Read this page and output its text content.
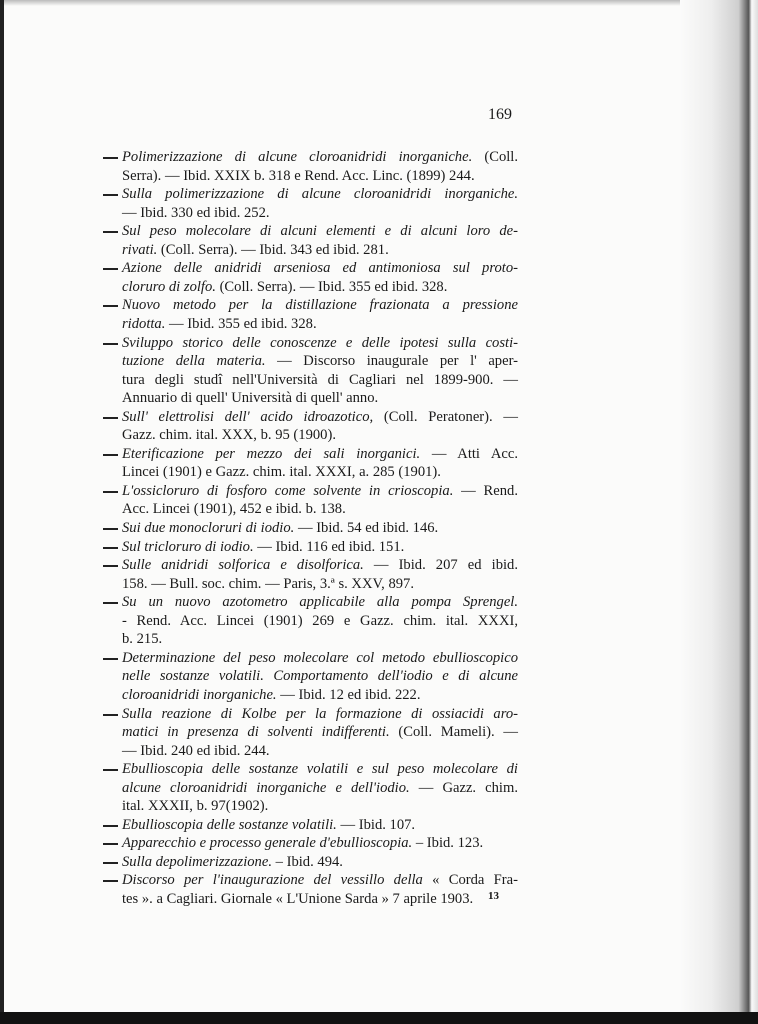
169
Polimerizzazione di alcune cloroanidridi inorganiche. (Coll.
Serra). — Ibid. XXIX b. 318 e Rend. Acc. Linc. (1899) 244.
Sulla polimerizzazione di alcune cloroanidridi inorganiche.
— Ibid. 330 ed ibid. 252.
Sul peso molecolare di alcuni elementi e di alcuni loro de-
rivati. (Coll. Serra). — Ibid. 343 ed ibid. 281.
Azione delle anidridi arseniosa ed antimoniosa sul proto-
cloruro di zolfo. (Coll. Serra). — Ibid. 355 ed ibid. 328.
Nuovo metodo per la distillazione frazionata a pressione
ridotta. — Ibid. 355 ed ibid. 328.
Sviluppo storico delle conoscenze e delle ipotesi sulla costi-
tuzione della materia. — Discorso inaugurale per l' aper-
tura degli studî nell'Università di Cagliari nel 1899-900. —
Annuario di quell' Università di quell' anno.
Sull' elettrolisi dell' acido idroazotico, (Coll. Peratoner). —
Gazz. chim. ital. XXX, b. 95 (1900).
Eterificazione per mezzo dei sali inorganici. — Atti Acc.
Lincei (1901) e Gazz. chim. ital. XXXI, a. 285 (1901).
L'ossicloruro di fosforo come solvente in crioscopia. — Rend.
Acc. Lincei (1901), 452 e ibid. b. 138.
Sui due monocloruri di iodio. — Ibid. 54 ed ibid. 146.
Sul tricloruro di iodio. — Ibid. 116 ed ibid. 151.
Sulle anidridi solforica e disolforica. — Ibid. 207 ed ibid.
158. — Bull. soc. chim. — Paris, 3.ª s. XXV, 897.
Su un nuovo azotometro applicabile alla pompa Sprengel.
- Rend. Acc. Lincei (1901) 269 e Gazz. chim. ital. XXXI,
b. 215.
Determinazione del peso molecolare col metodo ebullioscopico
nelle sostanze volatili. Comportamento dell'iodio e di alcune
cloroanidridi inorganiche. — Ibid. 12 ed ibid. 222.
Sulla reazione di Kolbe per la formazione di ossiacidi aro-
matici in presenza di solventi indifferenti. (Coll. Mameli). —
— Ibid. 240 ed ibid. 244.
Ebullioscopia delle sostanze volatili e sul peso molecolare di
alcune cloroanidridi inorganiche e dell'iodio. — Gazz. chim.
ital. XXXII, b. 97(1902).
Ebullioscopia delle sostanze volatili. — Ibid. 107.
Apparecchio e processo generale d'ebullioscopia. – Ibid. 123.
Sulla depolimerizzazione. – Ibid. 494.
Discorso per l'inaugurazione del vessillo della « Corda Fra-
tes ». a Cagliari. Giornale « L'Unione Sarda » 7 aprile 1903.	13
